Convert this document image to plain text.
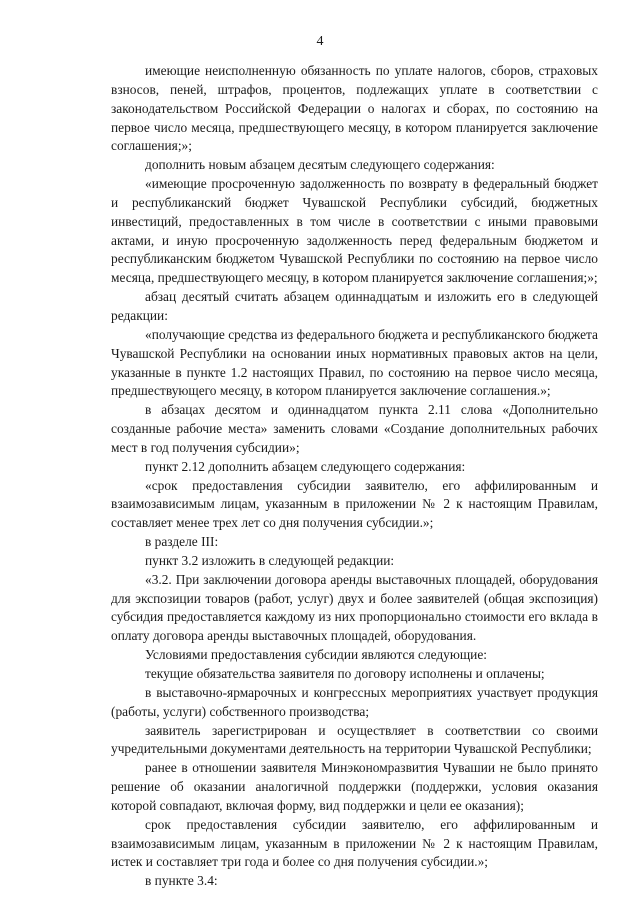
4

имеющие неисполненную обязанность по уплате налогов, сборов, страховых взносов, пеней, штрафов, процентов, подлежащих уплате в соответствии с законодательством Российской Федерации о налогах и сборах, по состоянию на первое число месяца, предшествующего месяцу, в котором планируется заключение соглашения;»;

дополнить новым абзацем десятым следующего содержания:

«имеющие просроченную задолженность по возврату в федеральный бюджет и республиканский бюджет Чувашской Республики субсидий, бюджетных инвестиций, предоставленных в том числе в соответствии с иными правовыми актами, и иную просроченную задолженность перед федеральным бюджетом и республиканским бюджетом Чувашской Республики по состоянию на первое число месяца, предшествующего месяцу, в котором планируется заключение соглашения;»;

абзац десятый считать абзацем одиннадцатым и изложить его в следующей редакции:

«получающие средства из федерального бюджета и республиканского бюджета Чувашской Республики на основании иных нормативных правовых актов на цели, указанные в пункте 1.2 настоящих Правил, по состоянию на первое число месяца, предшествующего месяцу, в котором планируется заключение соглашения.»;

в абзацах десятом и одиннадцатом пункта 2.11 слова «Дополнительно созданные рабочие места» заменить словами «Создание дополнительных рабочих мест в год получения субсидии»;

пункт 2.12 дополнить абзацем следующего содержания:

«срок предоставления субсидии заявителю, его аффилированным и взаимозависимым лицам, указанным в приложении № 2 к настоящим Правилам, составляет менее трех лет со дня получения субсидии.»;

в разделе III:

пункт 3.2 изложить в следующей редакции:

«3.2. При заключении договора аренды выставочных площадей, оборудования для экспозиции товаров (работ, услуг) двух и более заявителей (общая экспозиция) субсидия предоставляется каждому из них пропорционально стоимости его вклада в оплату договора аренды выставочных площадей, оборудования.

Условиями предоставления субсидии являются следующие:

текущие обязательства заявителя по договору исполнены и оплачены;

в выставочно-ярмарочных и конгрессных мероприятиях участвует продукция (работы, услуги) собственного производства;

заявитель зарегистрирован и осуществляет в соответствии со своими учредительными документами деятельность на территории Чувашской Республики;

ранее в отношении заявителя Минэкономразвития Чувашии не было принято решение об оказании аналогичной поддержки (поддержки, условия оказания которой совпадают, включая форму, вид поддержки и цели ее оказания);

срок предоставления субсидии заявителю, его аффилированным и взаимозависимым лицам, указанным в приложении № 2 к настоящим Правилам, истек и составляет три года и более со дня получения субсидии.»;

в пункте 3.4:
